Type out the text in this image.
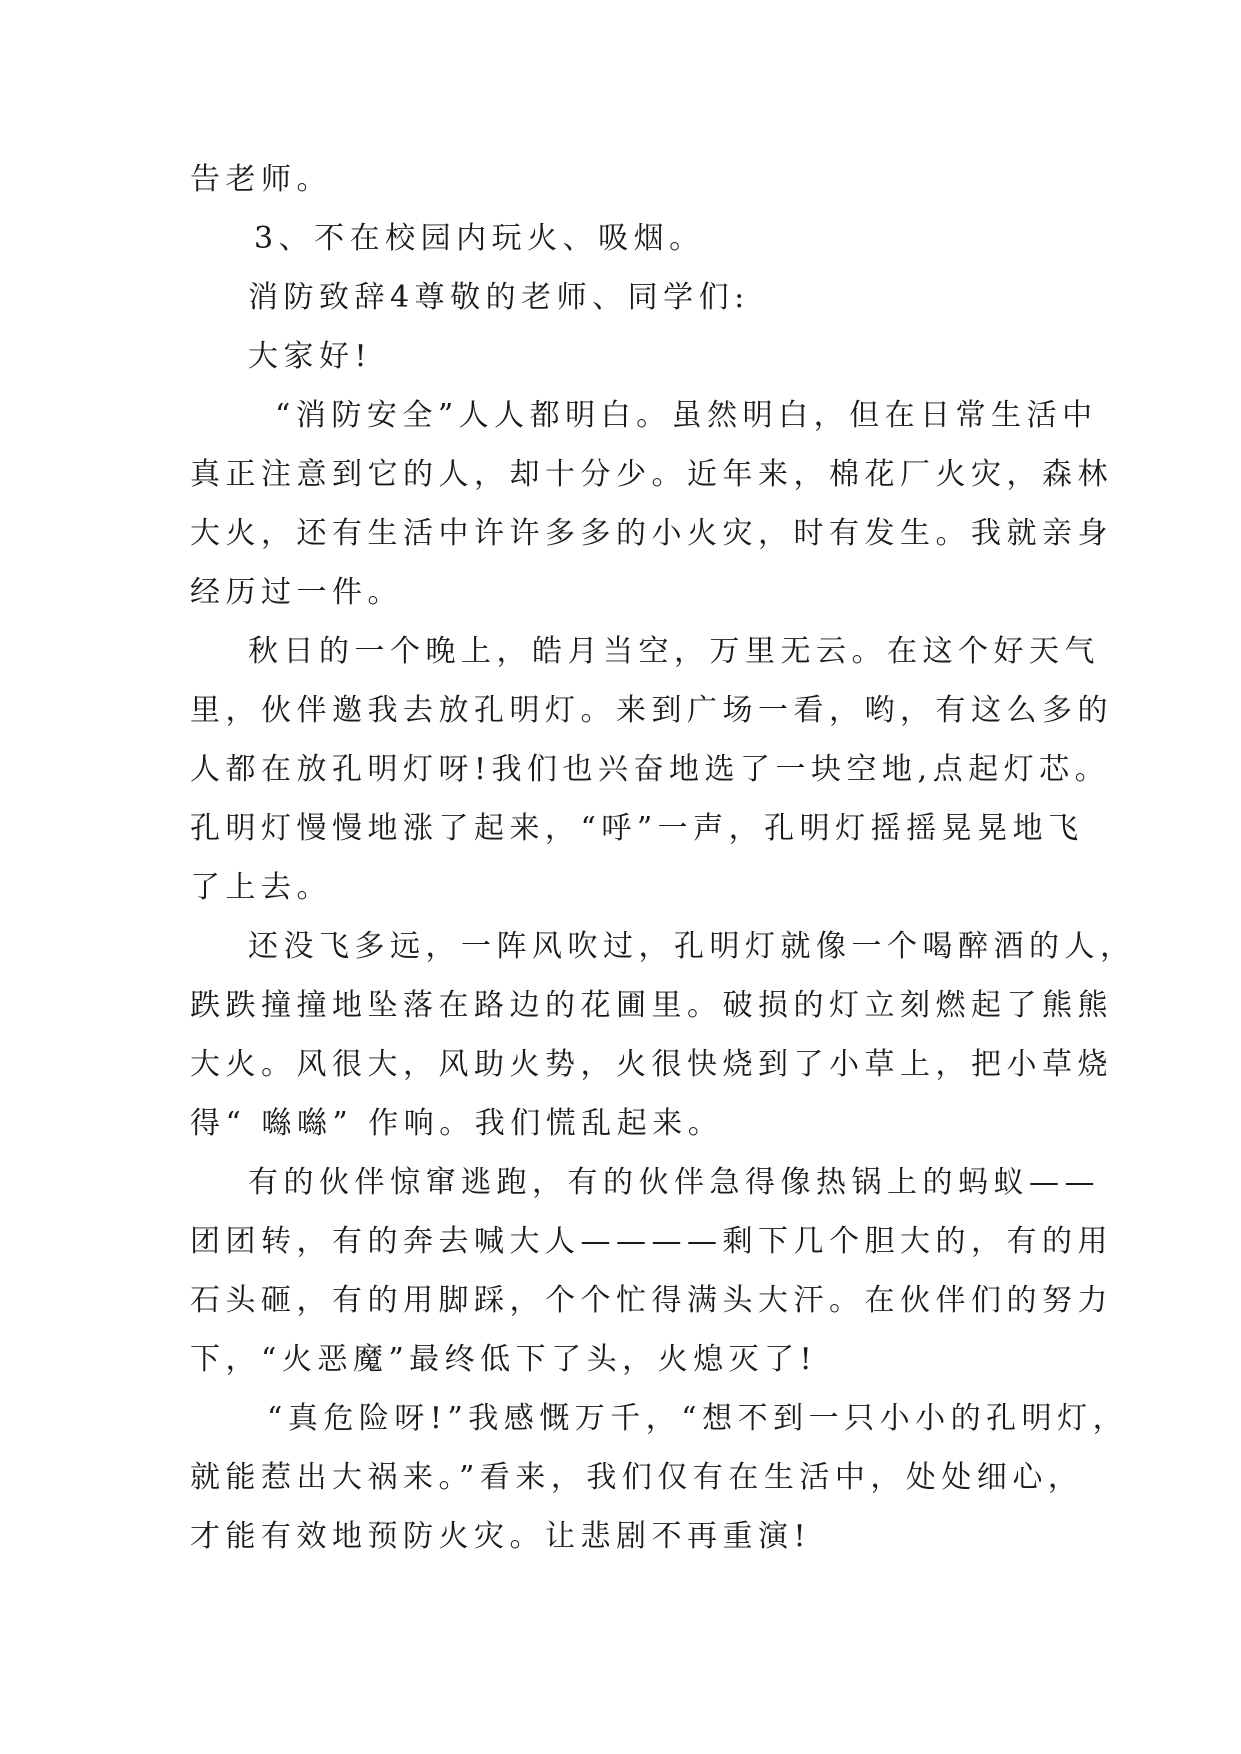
告老师。

3、不在校园内玩火、吸烟。

消防致辞4尊敬的老师、同学们:

大家好!

“消防安全”人人都明白。虽然明白，但在日常生活中

真正注意到它的人，却十分少。近年来，棉花厂火灾，森林

大火，还有生活中许许多多的小火灾，时有发生。我就亲身

经历过一件。

秋日的一个晚上，皓月当空，万里无云。在这个好天气

里，伙伴邀我去放孔明灯。来到广场一看，哟，有这么多的

人都在放孔明灯呀!我们也兴奋地选了一块空地,点起灯芯。

孔明灯慢慢地涨了起来，“呼”一声，孔明灯摇摇晃晃地飞

了上去。

还没飞多远，一阵风吹过，孔明灯就像一个喝醉酒的人，

跌跌撞撞地坠落在路边的花圃里。破损的灯立刻燃起了熊熊

大火。风很大，风助火势，火很快烧到了小草上，把小草烧

得“ 噝噝” 作响。我们慌乱起来。

有的伙伴惊窜逃跑，有的伙伴急得像热锅上的蚂蚁——

团团转，有的奔去喊大人————剩下几个胆大的，有的用

石头砸，有的用脚踩，个个忙得满头大汗。在伙伴们的努力

下，“火恶魔”最终低下了头，火熄灭了!

“真危险呀!”我感慨万千，“想不到一只小小的孔明灯，

就能惹出大祸来。”看来，我们仅有在生活中，处处细心，

才能有效地预防火灾。让悲剧不再重演!
